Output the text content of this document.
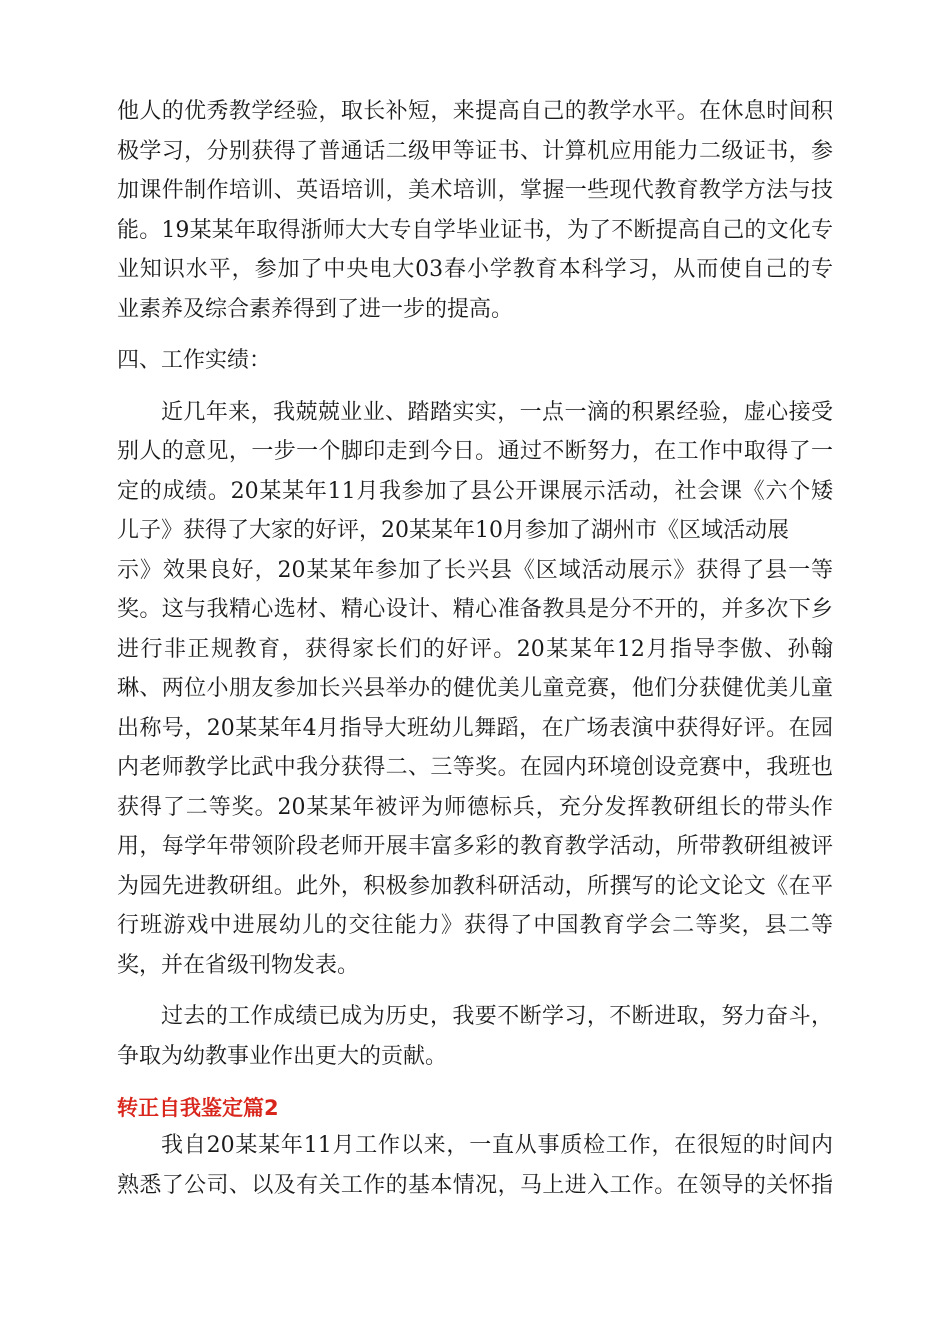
他人的优秀教学经验，取长补短，来提高自己的教学水平。在休息时间积
极学习，分别获得了普通话二级甲等证书、计算机应用能力二级证书，参
加课件制作培训、英语培训，美术培训，掌握一些现代教育教学方法与技
能。19某某年取得浙师大大专自学毕业证书，为了不断提高自己的文化专
业知识水平，参加了中央电大03春小学教育本科学习，从而使自己的专
业素养及综合素养得到了进一步的提高。
四、工作实绩：
近几年来，我兢兢业业、踏踏实实，一点一滴的积累经验，虚心接受
别人的意见，一步一个脚印走到今日。通过不断努力，在工作中取得了一
定的成绩。20某某年11月我参加了县公开课展示活动，社会课《六个矮
儿子》获得了大家的好评，20某某年10月参加了湖州市《区域活动展
示》效果良好，20某某年参加了长兴县《区域活动展示》获得了县一等
奖。这与我精心选材、精心设计、精心准备教具是分不开的，并多次下乡
进行非正规教育，获得家长们的好评。20某某年12月指导李傲、孙翰
琳、两位小朋友参加长兴县举办的健优美儿童竞赛，他们分获健优美儿童
出称号，20某某年4月指导大班幼儿舞蹈，在广场表演中获得好评。在园
内老师教学比武中我分获得二、三等奖。在园内环境创设竞赛中，我班也
获得了二等奖。20某某年被评为师德标兵，充分发挥教研组长的带头作
用，每学年带领阶段老师开展丰富多彩的教育教学活动，所带教研组被评
为园先进教研组。此外，积极参加教科研活动，所撰写的论文论文《在平
行班游戏中进展幼儿的交往能力》获得了中国教育学会二等奖，县二等
奖，并在省级刊物发表。
过去的工作成绩已成为历史，我要不断学习，不断进取，努力奋斗，
争取为幼教事业作出更大的贡献。
转正自我鉴定篇2
我自20某某年11月工作以来，一直从事质检工作，在很短的时间内
熟悉了公司、以及有关工作的基本情况，马上进入工作。在领导的关怀指
